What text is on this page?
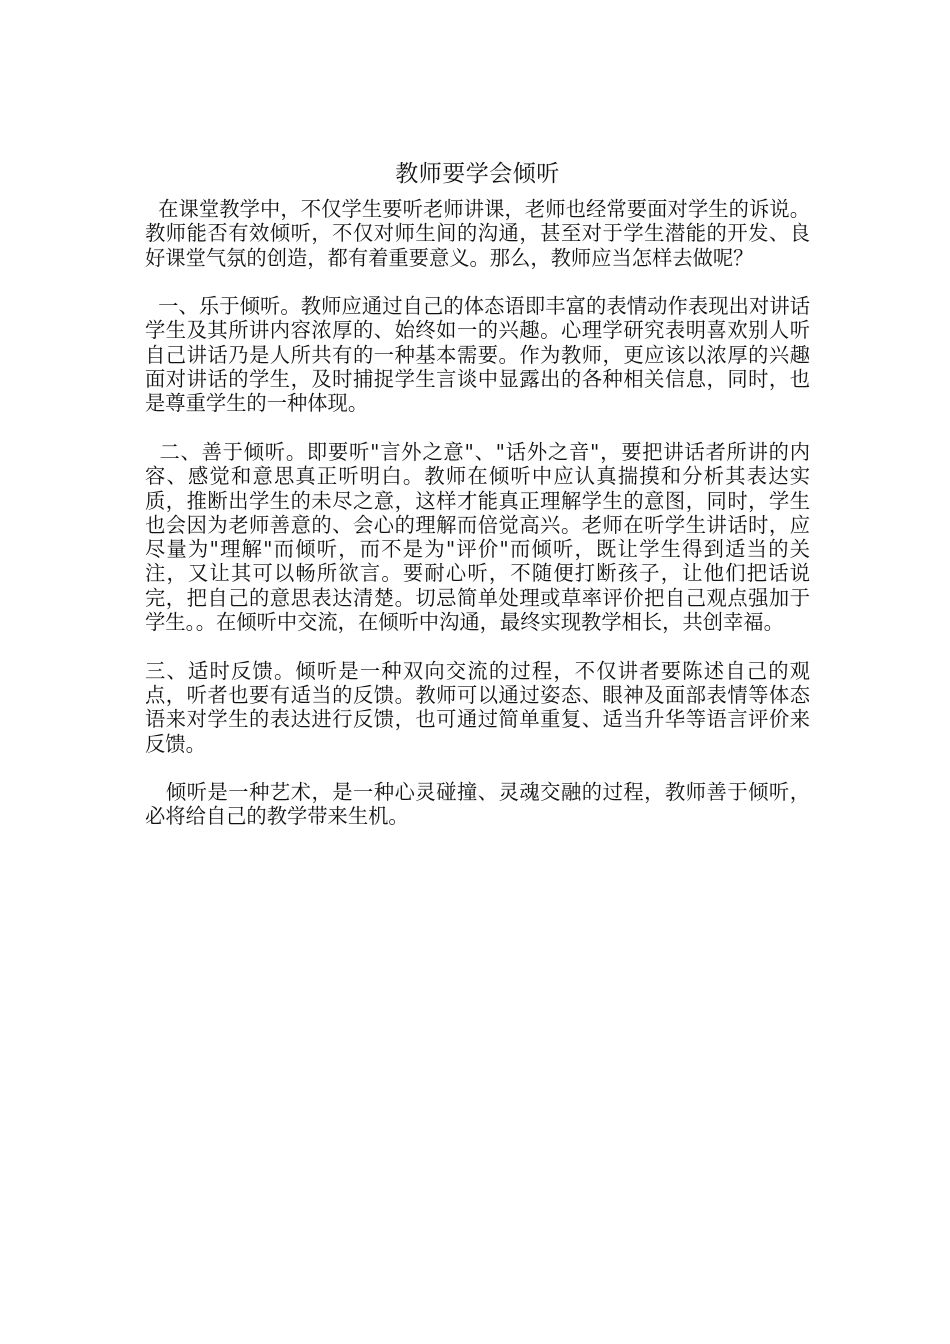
教师要学会倾听

在课堂教学中，不仅学生要听老师讲课，老师也经常要面对学生的诉说。教师能否有效倾听，不仅对师生间的沟通，甚至对于学生潜能的开发、良好课堂气氛的创造，都有着重要意义。那么，教师应当怎样去做呢？

一、乐于倾听。教师应通过自己的体态语即丰富的表情动作表现出对讲话学生及其所讲内容浓厚的、始终如一的兴趣。心理学研究表明喜欢别人听自己讲话乃是人所共有的一种基本需要。作为教师，更应该以浓厚的兴趣面对讲话的学生，及时捕捉学生言谈中显露出的各种相关信息，同时，也是尊重学生的一种体现。

二、善于倾听。即要听"言外之意"、"话外之音"，要把讲话者所讲的内容、感觉和意思真正听明白。教师在倾听中应认真揣摸和分析其表达实质，推断出学生的未尽之意，这样才能真正理解学生的意图，同时，学生也会因为老师善意的、会心的理解而倍觉高兴。老师在听学生讲话时，应尽量为"理解"而倾听，而不是为"评价"而倾听，既让学生得到适当的关注，又让其可以畅所欲言。要耐心听，不随便打断孩子，让他们把话说完，把自己的意思表达清楚。切忌简单处理或草率评价把自己观点强加于学生。。在倾听中交流，在倾听中沟通，最终实现教学相长，共创幸福。

三、适时反馈。倾听是一种双向交流的过程，不仅讲者要陈述自己的观点，听者也要有适当的反馈。教师可以通过姿态、眼神及面部表情等体态语来对学生的表达进行反馈，也可通过简单重复、适当升华等语言评价来反馈。

倾听是一种艺术，是一种心灵碰撞、灵魂交融的过程，教师善于倾听，必将给自己的教学带来生机。
